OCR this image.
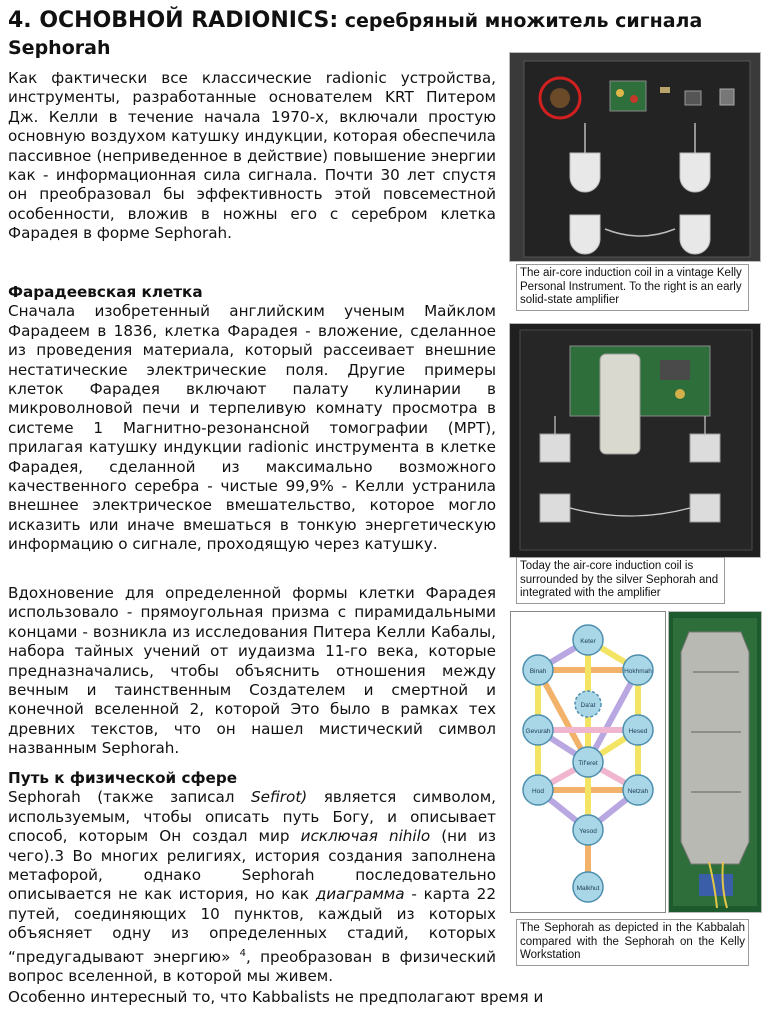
4. ОСНОВНОЙ RADIONICS: серебряный множитель сигнала Sephorah

Как фактически все классические radionic устройства, инструменты, разработанные основателем KRT Питером Дж. Келли в течение начала 1970-х, включали простую основную воздухом катушку индукции, которая обеспечила пассивное (неприведенное в действие) повышение энергии как - информационная сила сигнала. Почти 30 лет спустя он преобразовал бы эффективность этой повсеместной особенности, вложив в ножны его с серебром клетка Фарадея в форме Sephorah.

Фарадеевская клетка

Сначала изобретенный английским ученым Майклом Фарадеем в 1836, клетка Фарадея - вложение, сделанное из проведения материала, который рассеивает внешние нестатические электрические поля. Другие примеры клеток Фарадея включают палату кулинарии в микроволновой печи и терпеливую комнату просмотра в системе 1 Магнитно-резонансной томографии (МРТ), прилагая катушку индукции radionic инструмента в клетке Фарадея, сделанной из максимально возможного качественного серебра - чистые 99,9% - Келли устранила внешнее электрическое вмешательство, которое могло исказить или иначе вмешаться в тонкую энергетическую информацию о сигнале, проходящую через катушку.

Вдохновение для определенной формы клетки Фарадея использовало - прямоугольная призма с пирамидальными концами - возникла из исследования Питера Келли Кабалы, набора тайных учений от иудаизма 11-го века, которые предназначались, чтобы объяснить отношения между вечным и таинственным Создателем и смертной и конечной вселенной 2, которой Это было в рамках тех древних текстов, что он нашел мистический символ названным Sephorah.

Путь к физической сфере

Sephorah (также записал Sefirot) является символом, используемым, чтобы описать путь Богу, и описывает способ, которым Он создал мир исключая nihilo (ни из чего).3 Во многих религиях, история создания заполнена метафорой, однако Sephorah последовательно описывается не как история, но как диаграмма - карта 22 путей, соединяющих 10 пунктов, каждый из которых объясняет одну из определенных стадий, которых “предугадывают энергию» $^4$, преобразован в физический вопрос вселенной, в которой мы живем.

Особенно интересный то, что Kabbalists не предполагают время и
The air-core induction coil in a vintage Kelly Personal Instrument. To the right is an early solid-state amplifier
Today the air-core induction coil is surrounded by the silver Sephorah and integrated with the amplifier
Keter
Binah	Hokhmah
Da'at
Gevurah	Hesed
Tif'eret
Hod	Netzah
Yesod
Malkhut
The Sephorah as depicted in the Kabbalah compared with the Sephorah on the Kelly Workstation
